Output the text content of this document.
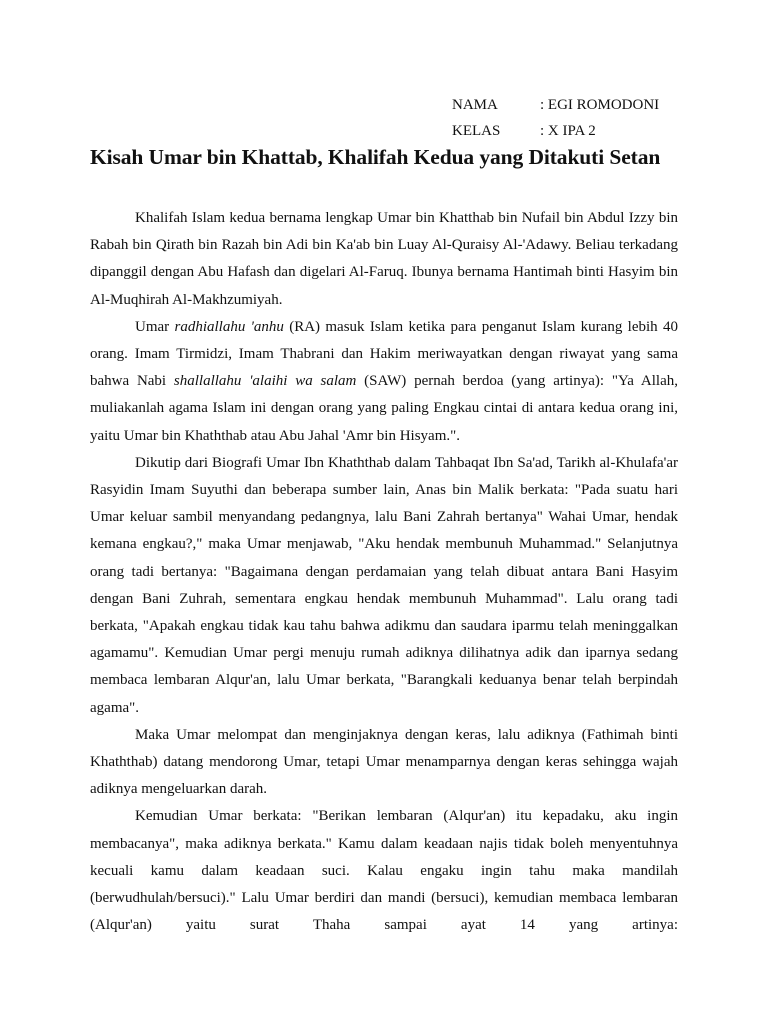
NAMA	: EGI ROMODONI
KELAS	: X IPA 2
Kisah Umar bin Khattab, Khalifah Kedua yang Ditakuti Setan

Khalifah Islam kedua bernama lengkap Umar bin Khatthab bin Nufail bin Abdul Izzy bin Rabah bin Qirath bin Razah bin Adi bin Ka'ab bin Luay Al-Quraisy Al-'Adawy. Beliau terkadang dipanggil dengan Abu Hafash dan digelari Al-Faruq. Ibunya bernama Hantimah binti Hasyim bin Al-Muqhirah Al-Makhzumiyah.

Umar radhiallahu 'anhu (RA) masuk Islam ketika para penganut Islam kurang lebih 40 orang. Imam Tirmidzi, Imam Thabrani dan Hakim meriwayatkan dengan riwayat yang sama bahwa Nabi shallallahu 'alaihi wa salam (SAW) pernah berdoa (yang artinya): "Ya Allah, muliakanlah agama Islam ini dengan orang yang paling Engkau cintai di antara kedua orang ini, yaitu Umar bin Khaththab atau Abu Jahal 'Amr bin Hisyam.".

Dikutip dari Biografi Umar Ibn Khaththab dalam Tahbaqat Ibn Sa'ad, Tarikh al-Khulafa'ar Rasyidin Imam Suyuthi dan beberapa sumber lain, Anas bin Malik berkata: "Pada suatu hari Umar keluar sambil menyandang pedangnya, lalu Bani Zahrah bertanya" Wahai Umar, hendak kemana engkau?," maka Umar menjawab, "Aku hendak membunuh Muhammad." Selanjutnya orang tadi bertanya: "Bagaimana dengan perdamaian yang telah dibuat antara Bani Hasyim dengan Bani Zuhrah, sementara engkau hendak membunuh Muhammad". Lalu orang tadi berkata, "Apakah engkau tidak kau tahu bahwa adikmu dan saudara iparmu telah meninggalkan agamamu". Kemudian Umar pergi menuju rumah adiknya dilihatnya adik dan iparnya sedang membaca lembaran Alqur'an, lalu Umar berkata, "Barangkali keduanya benar telah berpindah agama".

Maka Umar melompat dan menginjaknya dengan keras, lalu adiknya (Fathimah binti Khaththab) datang mendorong Umar, tetapi Umar menamparnya dengan keras sehingga wajah adiknya mengeluarkan darah.

Kemudian Umar berkata: "Berikan lembaran (Alqur'an) itu kepadaku, aku ingin membacanya", maka adiknya berkata." Kamu dalam keadaan najis tidak boleh menyentuhnya kecuali kamu dalam keadaan suci. Kalau engaku ingin tahu maka mandilah (berwudhulah/bersuci)." Lalu Umar berdiri dan mandi (bersuci), kemudian membaca lembaran (Alqur'an) yaitu surat Thaha sampai ayat 14 yang artinya:
